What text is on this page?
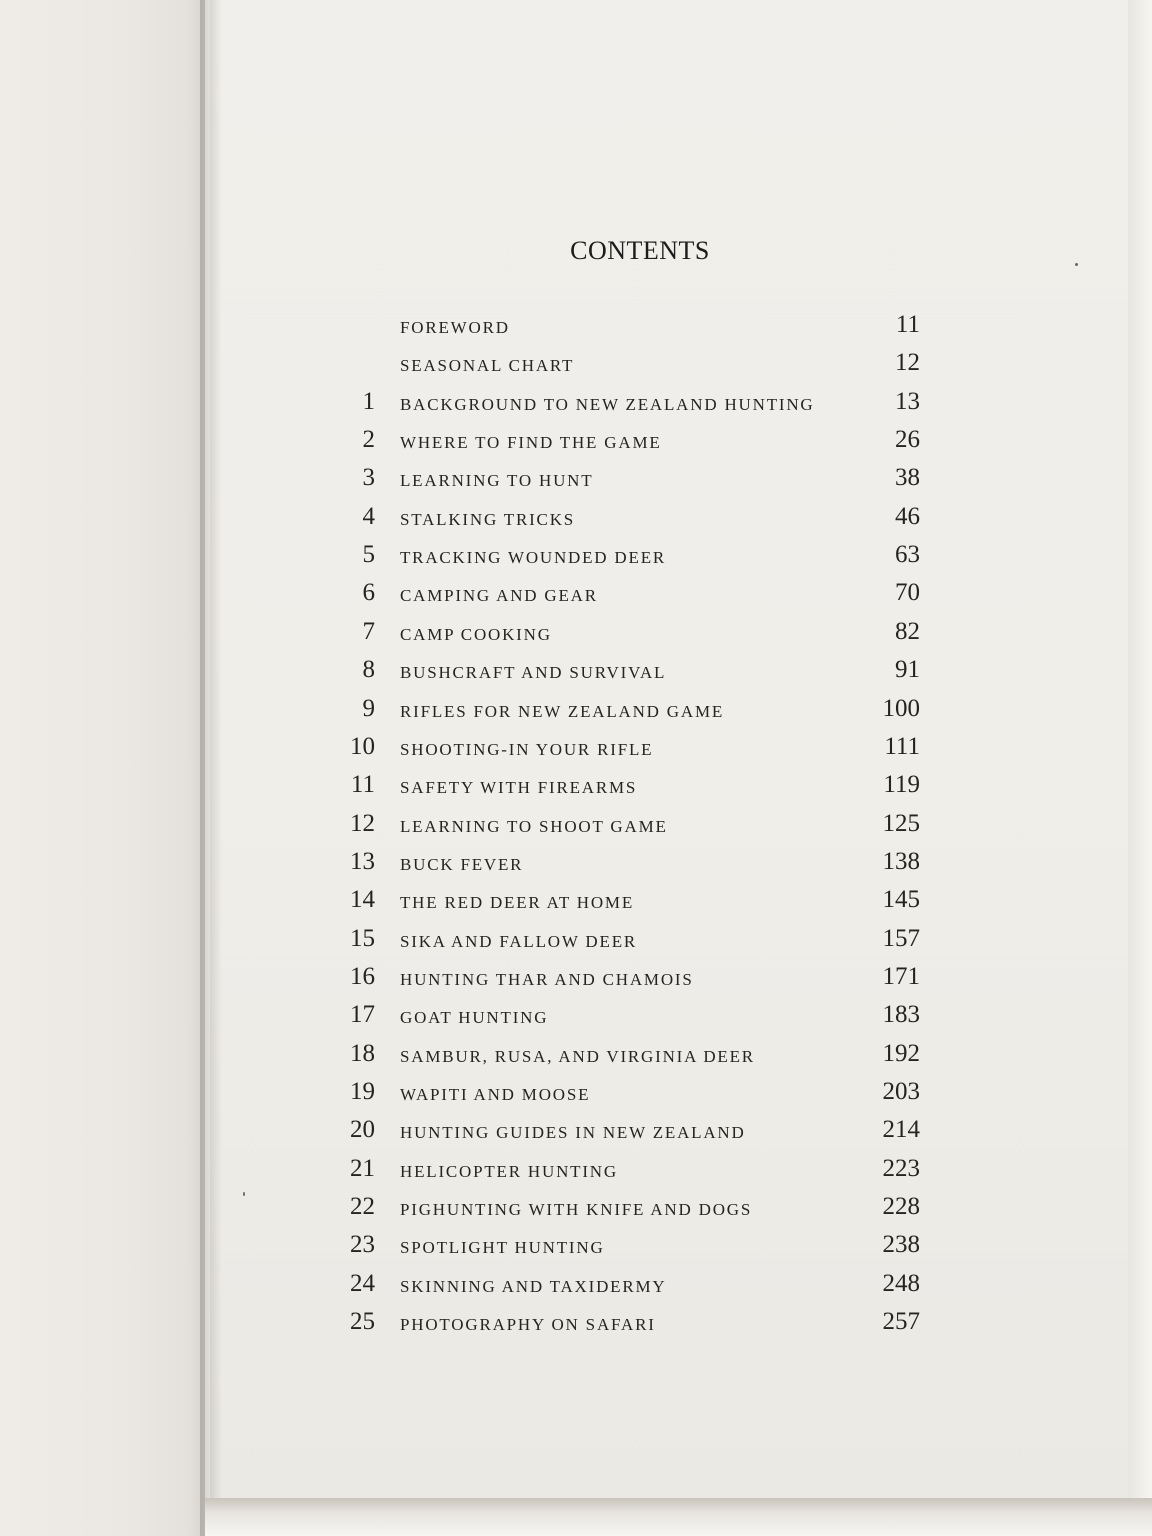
CONTENTS
FOREWORD	11
SEASONAL CHART	12
1 BACKGROUND TO NEW ZEALAND HUNTING	13
2 WHERE TO FIND THE GAME	26
3 LEARNING TO HUNT	38
4 STALKING TRICKS	46
5 TRACKING WOUNDED DEER	63
6 CAMPING AND GEAR	70
7 CAMP COOKING	82
8 BUSHCRAFT AND SURVIVAL	91
9 RIFLES FOR NEW ZEALAND GAME	100
10 SHOOTING-IN YOUR RIFLE	111
11 SAFETY WITH FIREARMS	119
12 LEARNING TO SHOOT GAME	125
13 BUCK FEVER	138
14 THE RED DEER AT HOME	145
15 SIKA AND FALLOW DEER	157
16 HUNTING THAR AND CHAMOIS	171
17 GOAT HUNTING	183
18 SAMBUR, RUSA, AND VIRGINIA DEER	192
19 WAPITI AND MOOSE	203
20 HUNTING GUIDES IN NEW ZEALAND	214
21 HELICOPTER HUNTING	223
22 PIGHUNTING WITH KNIFE AND DOGS	228
23 SPOTLIGHT HUNTING	238
24 SKINNING AND TAXIDERMY	248
25 PHOTOGRAPHY ON SAFARI	257
